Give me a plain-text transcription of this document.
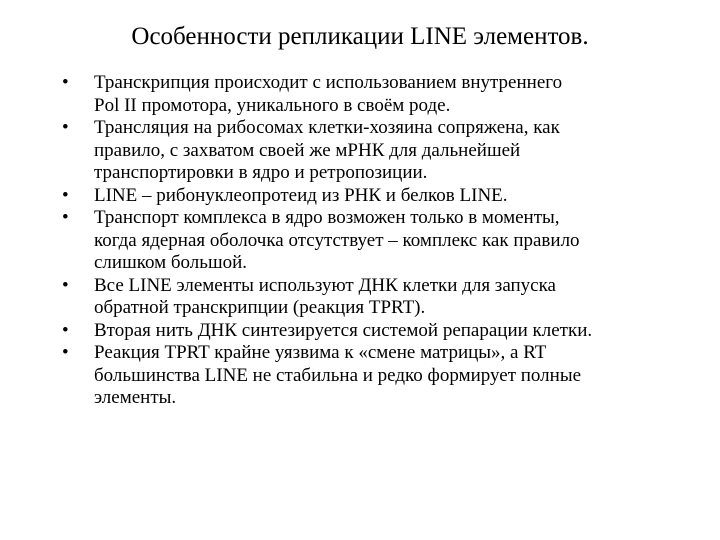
Особенности репликации LINE элементов.
•	Транскрипция происходит с использованием внутреннего
Pol II промотора, уникального в своём роде.
•	Трансляция на рибосомах клетки-хозяина сопряжена, как
правило, с захватом своей же мРНК для дальнейшей
транспортировки в ядро и ретропозиции.
•	LINE – рибонуклеопротеид из РНК и белков LINE.
•	Транспорт комплекса в ядро возможен только в моменты,
когда ядерная оболочка отсутствует – комплекс как правило
слишком большой.
•	Все LINE элементы используют ДНК клетки для запуска
обратной транскрипции (реакция TPRT).
•	Вторая нить ДНК синтезируется системой репарации клетки.
•	Реакция TPRT крайне уязвима к «смене матрицы», а RT
большинства LINE не стабильна и редко формирует полные
элементы.
